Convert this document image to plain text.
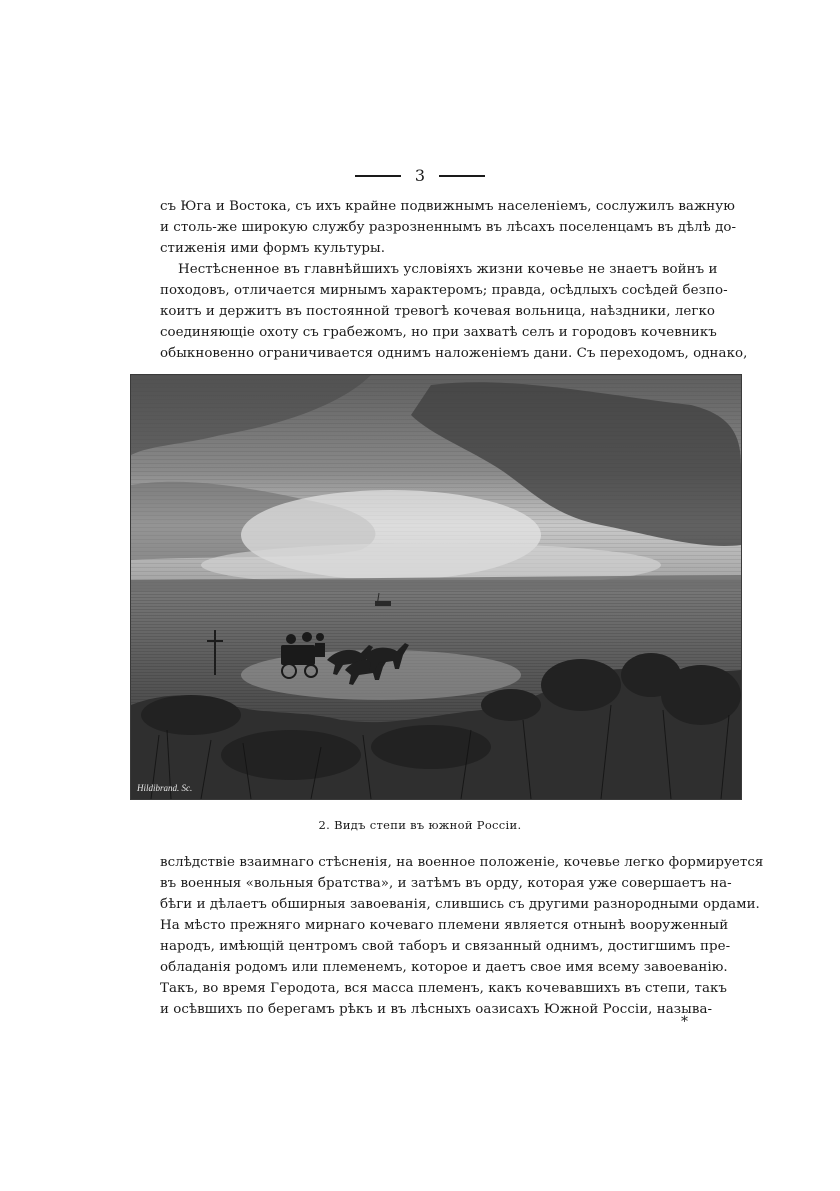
3
съ Юга и Востока, съ ихъ крайне подвижнымъ населенiемъ, сослужилъ важную
и столь-же широкую службу разрозненнымъ въ лѣсахъ поселенцамъ въ дѣлѣ до-
стиженiя ими формъ культуры.
Нестѣсненное въ главнѣйшихъ условiяхъ жизни кочевье не знаетъ войнъ и
походовъ, отличается мирнымъ характеромъ; правда, осѣдлыхъ сосѣдей безпо-
коитъ и держитъ въ постоянной тревогѣ кочевая вольница, наѣздники, легко
соединяющiе охоту съ грабежомъ, но при захватѣ селъ и городовъ кочевникъ
обыкновенно ограничивается однимъ наложенiемъ дани. Съ переходомъ, однако,
Hildibrand. Sc.
2. Видъ степи въ южной Россiи.
вслѣдствiе взаимнаго стѣсненiя, на военное положенiе, кочевье легко формируется
въ военныя «вольныя братства», и затѣмъ въ орду, которая уже совершаетъ на-
бѣги и дѣлаетъ обширныя завоеванiя, слившись съ другими разнородными ордами.
На мѣсто прежняго мирнаго кочеваго племени является отнынѣ вооруженный
народъ, имѣющiй центромъ свой таборъ и связанный однимъ, достигшимъ пре-
обладанiя родомъ или племенемъ, которое и даетъ свое имя всему завоеванiю.
Такъ, во время Геродота, вся масса племенъ, какъ кочевавшихъ въ степи, такъ
и осѣвшихъ по берегамъ рѣкъ и въ лѣсныхъ оазисахъ Южной Россiи, называ-
*
